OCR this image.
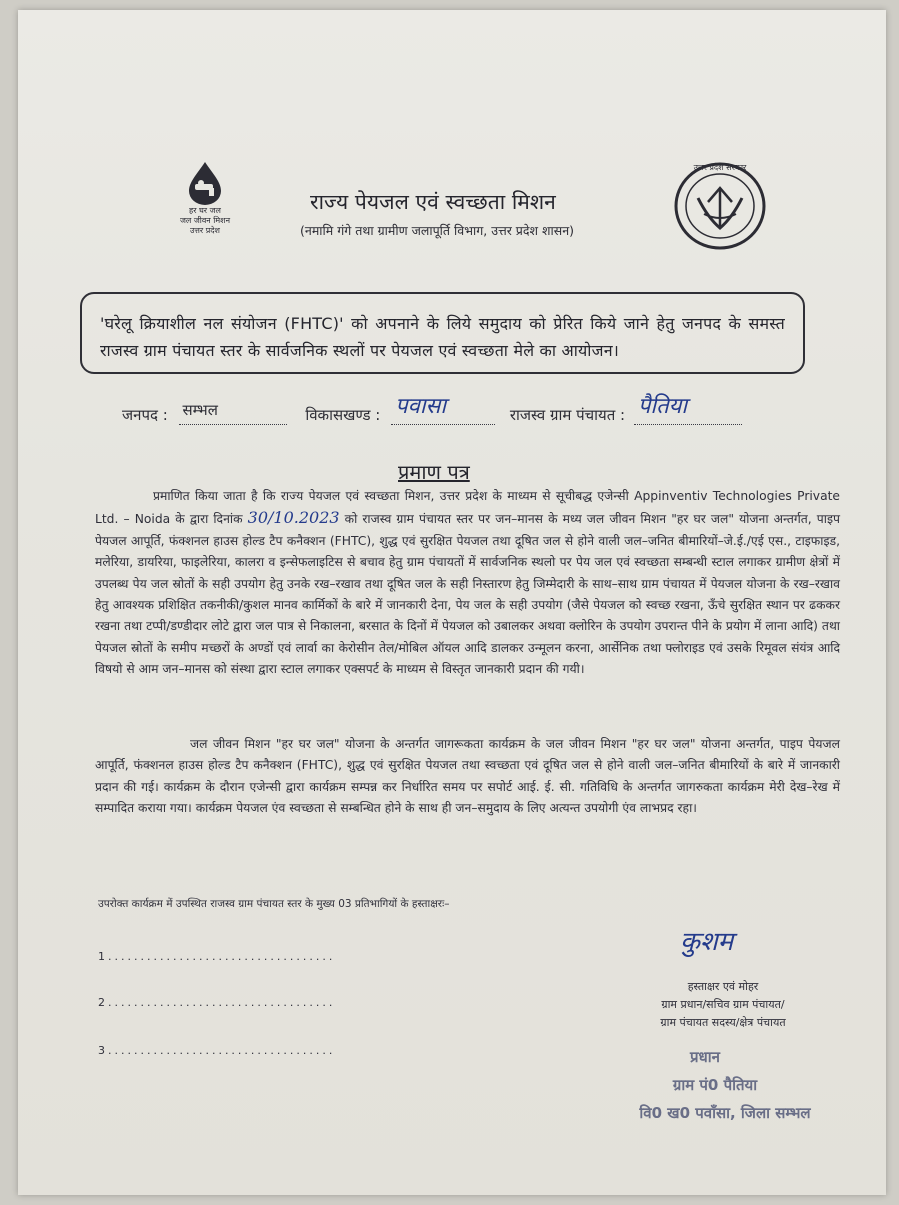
हर घर जल
जल जीवन मिशन
उत्तर प्रदेश
राज्य पेयजल एवं स्वच्छता मिशन
(नमामि गंगे तथा ग्रामीण जलापूर्ति विभाग, उत्तर प्रदेश शासन)
उत्तर प्रदेश सरकार
'घरेलू क्रियाशील नल संयोजन (FHTC)' को अपनाने के लिये समुदाय को प्रेरित किये जाने हेतु जनपद के समस्त राजस्व ग्राम पंचायत स्तर के सार्वजनिक स्थलों पर पेयजल एवं स्वच्छता मेले का आयोजन।
जनपद : सम्भल	विकासखण्ड : पवासा	राजस्व ग्राम पंचायत : पैतिया
प्रमाण पत्र
प्रमाणित किया जाता है कि राज्य पेयजल एवं स्वच्छता मिशन, उत्तर प्रदेश के माध्यम से सूचीबद्ध एजेन्सी Appinventiv Technologies Private Ltd. – Noida के द्वारा दिनांक 30/10.2023 को राजस्व ग्राम पंचायत स्तर पर जन–मानस के मध्य जल जीवन मिशन "हर घर जल" योजना अन्तर्गत, पाइप पेयजल आपूर्ति, फंक्शनल हाउस होल्ड टैप कनैक्शन (FHTC), शुद्ध एवं सुरक्षित पेयजल तथा दूषित जल से होने वाली जल–जनित बीमारियों–जे.ई./एई एस., टाइफाइड, मलेरिया, डायरिया, फाइलेरिया, कालरा व इन्सेफलाइटिस से बचाव हेतु ग्राम पंचायतों में सार्वजनिक स्थलो पर पेय जल एवं स्वच्छता सम्बन्धी स्टाल लगाकर ग्रामीण क्षेत्रों में उपलब्ध पेय जल स्रोतों के सही उपयोग हेतु उनके रख–रखाव तथा दूषित जल के सही निस्तारण हेतु जिम्मेदारी के साथ–साथ ग्राम पंचायत में पेयजल योजना के रख–रखाव हेतु आवश्यक प्रशिक्षित तकनीकी/कुशल मानव कार्मिकों के बारे में जानकारी देना, पेय जल के सही उपयोग (जैसे पेयजल को स्वच्छ रखना, ऊँचे सुरक्षित स्थान पर ढककर रखना तथा टप्पी/डण्डीदार लोटे द्वारा जल पात्र से निकालना, बरसात के दिनों में पेयजल को उबालकर अथवा क्लोरिन के उपयोग उपरान्त पीने के प्रयोग में लाना आदि) तथा पेयजल स्रोतों के समीप मच्छरों के अण्डों एवं लार्वा का केरोसीन तेल/मोबिल ऑयल आदि डालकर उन्मूलन करना, आर्सेनिक तथा फ्लोराइड एवं उसके रिमूवल संयंत्र आदि विषयो से आम जन–मानस को संस्था द्वारा स्टाल लगाकर एक्सपर्ट के माध्यम से विस्तृत जानकारी प्रदान की गयी।
जल जीवन मिशन "हर घर जल" योजना के अन्तर्गत जागरूकता कार्यक्रम के जल जीवन मिशन "हर घर जल" योजना अन्तर्गत, पाइप पेयजल आपूर्ति, फंक्शनल हाउस होल्ड टैप कनैक्शन (FHTC), शुद्ध एवं सुरक्षित पेयजल तथा स्वच्छता एवं दूषित जल से होने वाली जल–जनित बीमारियों के बारे में जानकारी प्रदान की गई। कार्यक्रम के दौरान एजेन्सी द्वारा कार्यक्रम सम्पन्न कर निर्धारित समय पर सपोर्ट आई. ई. सी. गतिविधि के अन्तर्गत जागरुकता कार्यक्रम मेरी देख–रेख में सम्पादित कराया गया। कार्यक्रम पेयजल एंव स्वच्छता से सम्बन्धित होने के साथ ही जन–समुदाय के लिए अत्यन्त उपयोगी एंव लाभप्रद रहा।
उपरोक्त कार्यक्रम में उपस्थित राजस्व ग्राम पंचायत स्तर के मुख्य 03 प्रतिभागियों के हस्ताक्षरः–
1...................................
2...................................
3...................................
कुशम
हस्ताक्षर एवं मोहर
ग्राम प्रधान/सचिव ग्राम पंचायत/
ग्राम पंचायत सदस्य/क्षेत्र पंचायत
प्रधान
ग्राम पं0 पैतिया
वि0 ख0 पवाँसा, जिला सम्भल
